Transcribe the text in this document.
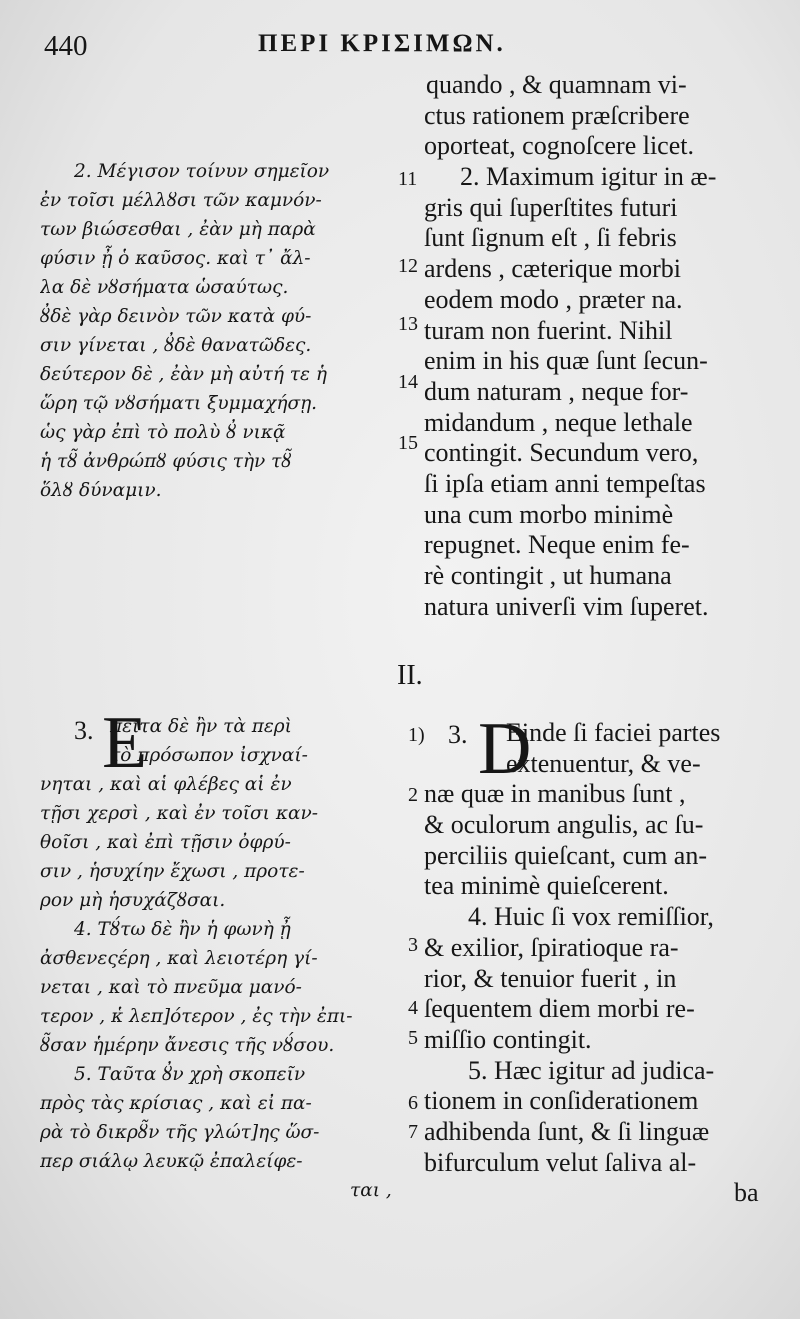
440	ΠΕΡΙ ΚΡΙΣΙΜΩΝ.
quando , & quamnam vi-
ctus rationem præſcribere
oporteat, cognoſcere licet.
2. Maximum igitur in æ-
gris qui ſuperſtites futuri
ſunt ſignum eſt , ſi febris
ardens , cæterique morbi
eodem modo , præter na.
turam non fuerint. Nihil
enim in his quæ ſunt ſecun-
dum naturam , neque for-
midandum , neque lethale
contingit. Secundum vero,
ſi ipſa etiam anni tempeſtas
una cum morbo minimè
repugnet. Neque enim fe-
rè contingit , ut humana
natura univerſi vim ſuperet.
2. Μέγισον τοίνυν σημεῖον
ἐν τοῖσι μέλλȣσι τῶν καμνόν-
των βιώσεσθαι , ἐὰν μὴ παρὰ
φύσιν ᾖ ὁ καῦσος. καὶ τ᾽ ἄλ-
λα δὲ νȣσήματα ὡσαύτως.
ȣ̓δὲ γὰρ δεινὸν τῶν κατὰ φύ-
σιν γίνεται , ȣ̓δὲ θανατῶδες.
δεύτερον δὲ , ἐὰν μὴ αὐτή τε ἡ
ὥρη τῷ νȣσήματι ξυμμαχήσῃ.
ὡς γὰρ ἐπὶ τὸ πολὺ ȣ̓ νικᾷ
ἡ τȣ̃ ἀνθρώπȣ φύσις τὴν τȣ̃
ὅλȣ δύναμιν.
11
12
13
14
15
II.
3. E
πειτα δὲ ἢν τὰ περὶ
τὸ πρόσωπον ἰσχναί-
νηται , καὶ αἱ φλέβες αἱ ἐν
τῇσι χερσὶ , καὶ ἐν τοῖσι καν-
θοῖσι , καὶ ἐπὶ τῇσιν ὀφρύ-
σιν , ἡσυχίην ἔχωσι , προτε-
ρον μὴ ἡσυχάζȣσαι.
4. Τȣ́τω δὲ ἢν ἡ φωνὴ ᾖ
ἀσθενεςέρη , καὶ λειοτέρη γί-
νεται , καὶ τὸ πνεῦμα μανό-
τερον , κ̔ λεπ]ότερον , ἐς τὴν ἐπι-
ȣ̃σαν ἡμέρην ἄνεσις τῆς νȣ́σου.
5. Ταῦτα ȣ̓ν χρὴ σκοπεῖν
πρὸς τὰς κρίσιας , καὶ εἰ πα-
ρὰ τὸ δικρȣ̃ν τῆς γλώτ]ης ὥσ-
περ σιάλῳ λευκῷ ἐπαλείφε-
ται ,
1)
2
3
4
5
6
7
3. D
Einde ſi faciei partes
extenuentur, & ve-
næ quæ in manibus ſunt ,
& oculorum angulis, ac ſu-
perciliis quieſcant, cum an-
tea minimè quieſcerent.
4. Huic ſi vox remiſſior,
& exilior, ſpiratioque ra-
rior, & tenuior fuerit , in
ſequentem diem morbi re-
miſſio contingit.
5. Hæc igitur ad judica-
tionem in conſiderationem
adhibenda ſunt, & ſi linguæ
bifurculum velut ſaliva al-
ba
